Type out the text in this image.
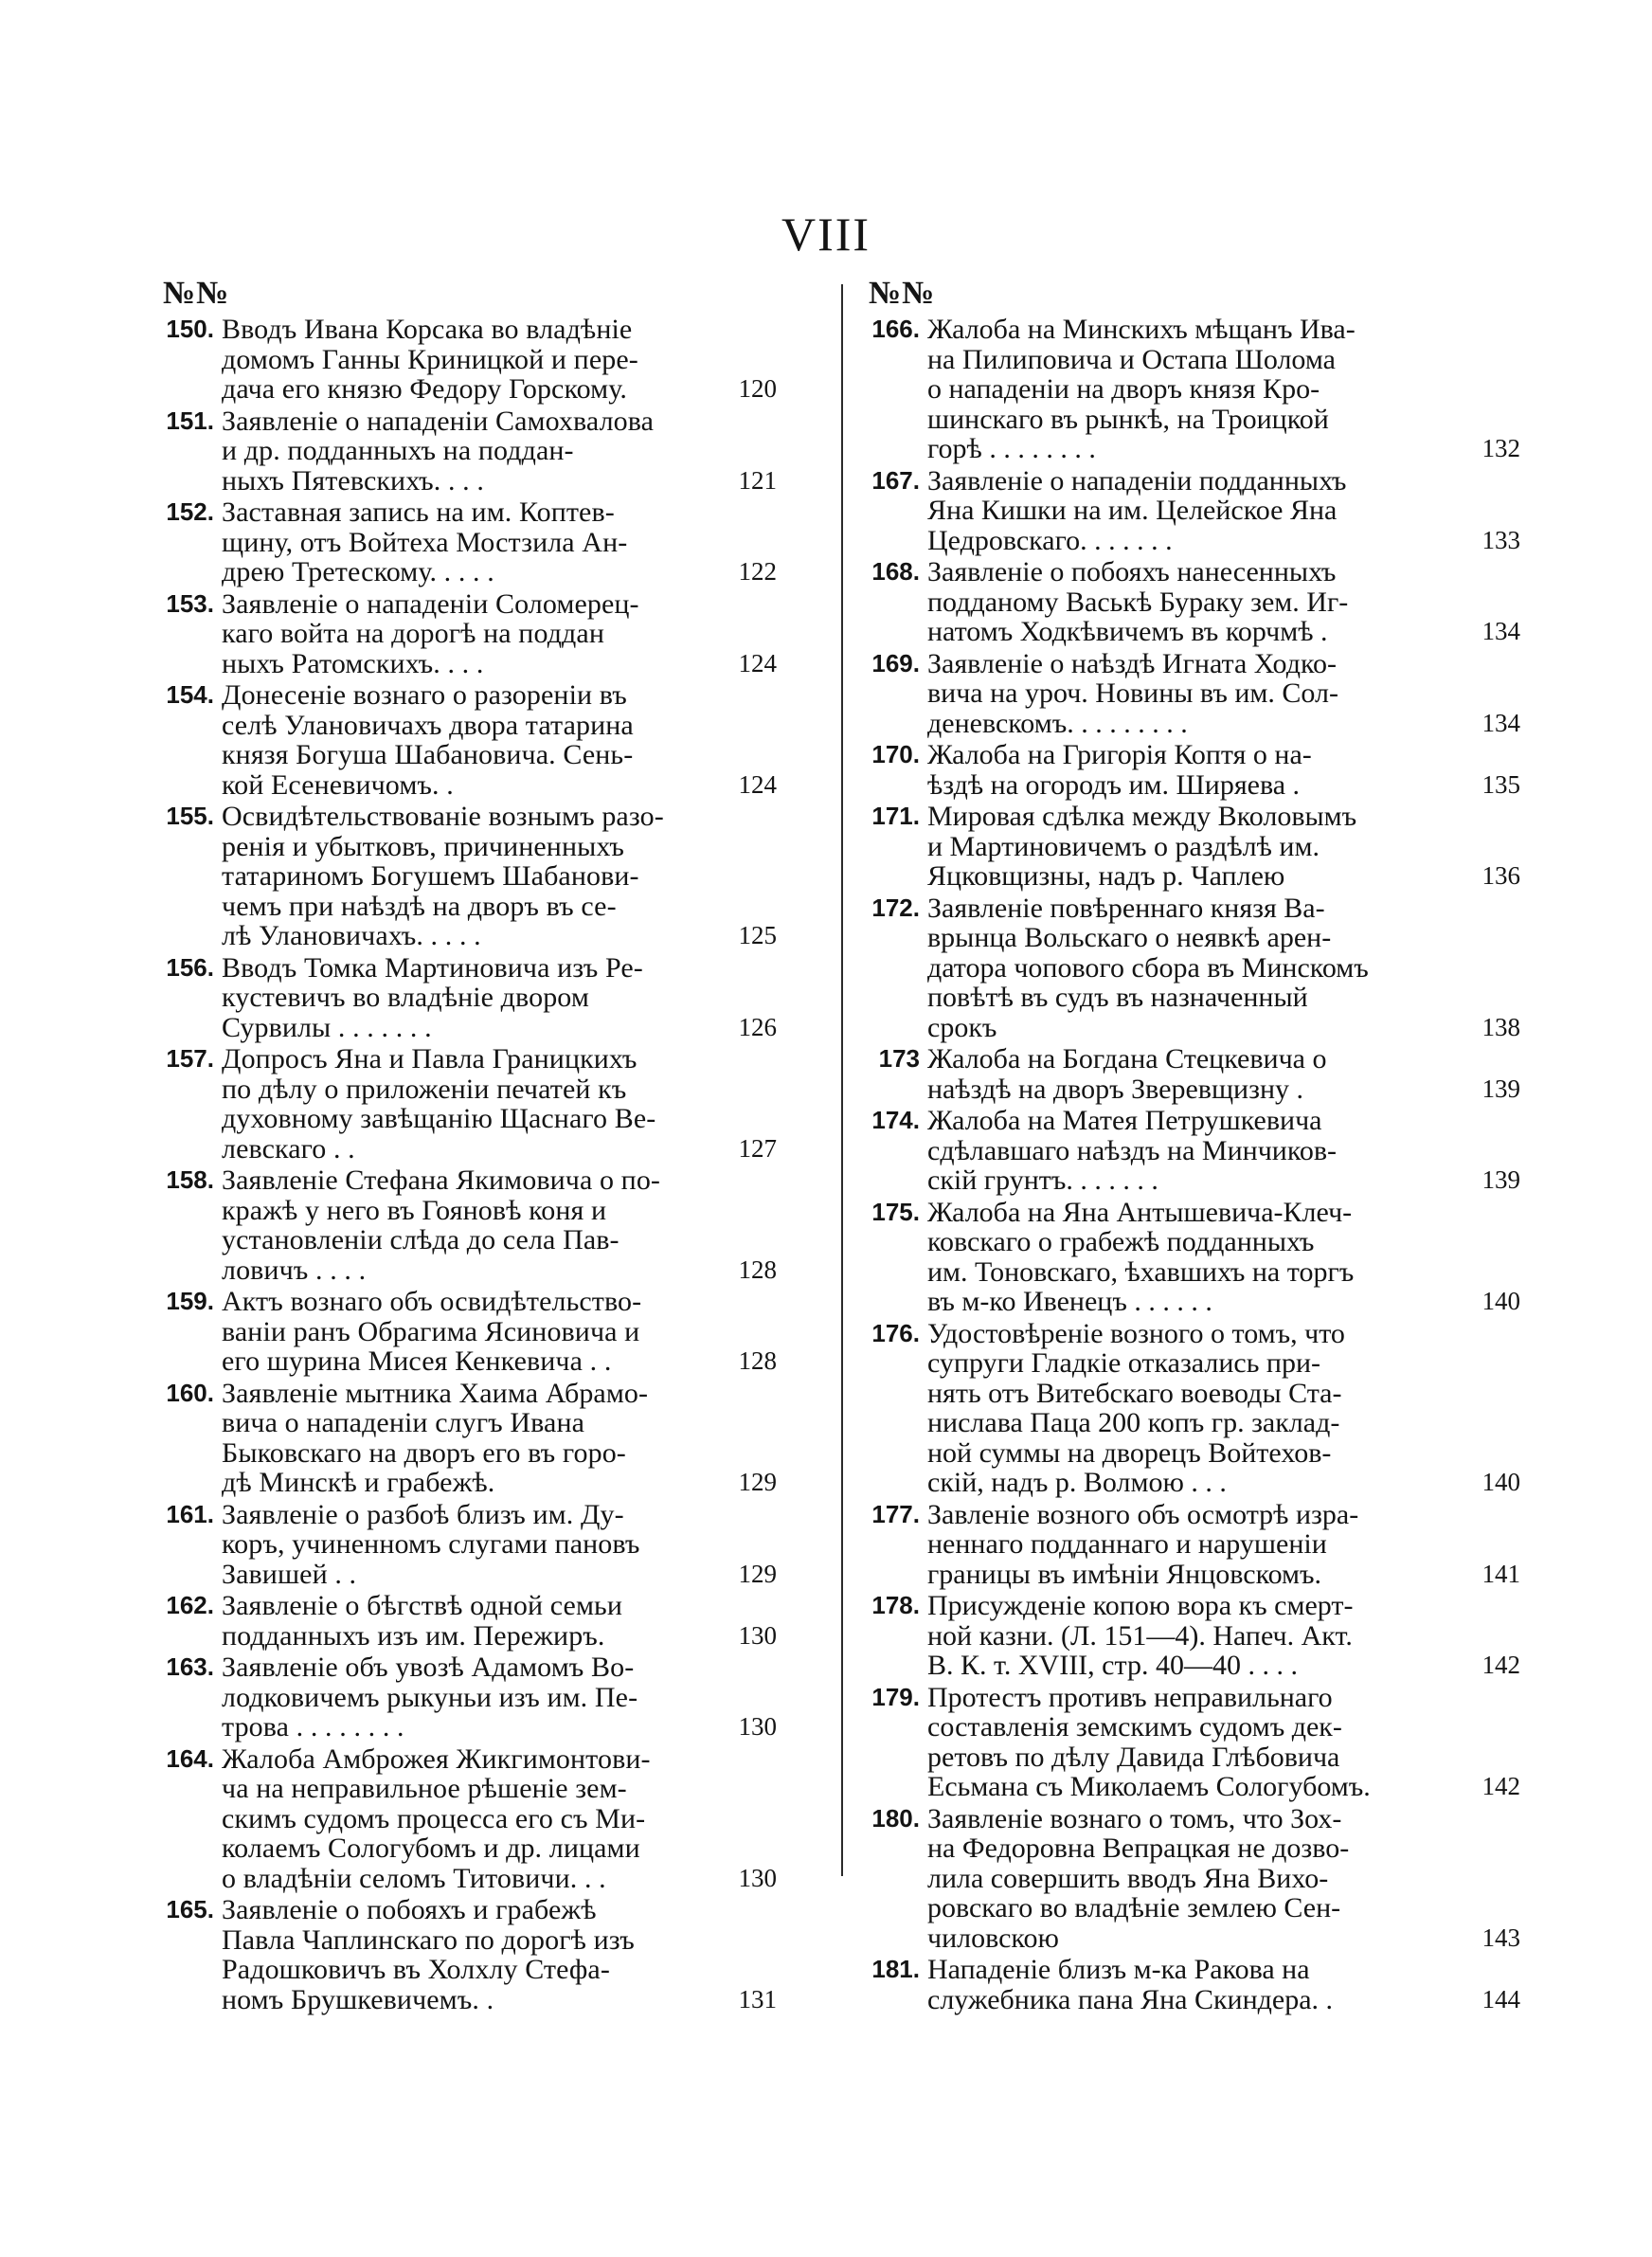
VIII
№№
150. Вводъ Ивана Корсака во владѣніе
домомъ Ганны Криницкой и пере-
дача его князю Федору Горскому.	120
151. Заявленіе о нападеніи Самохвалова
и др. подданныхъ на поддан-
ныхъ Пятевскихъ. . . .	121
152. Заставная запись на им. Коптев-
щину, отъ Войтеха Мостзила Ан-
дрею Третескому. . . . .	122
153. Заявленіе о нападеніи Соломерец-
каго войта на дорогѣ на поддан
ныхъ Ратомскихъ. . . .	124
154. Донесеніе вознаго о разореніи въ
селѣ Улановичахъ двора татарина
князя Богуша Шабановича. Сень-
кой Есеневичомъ. .	124
155. Освидѣтельствованіе вознымъ разо-
ренія и убытковъ, причиненныхъ
татариномъ Богушемъ Шабанови-
чемъ при наѣздѣ на дворъ въ се-
лѣ Улановичахъ. . . . .	125
156. Вводъ Томка Мартиновича изъ Ре-
кустевичъ во владѣніе двором
Сурвилы . . . . . . .	126
157. Допросъ Яна и Павла Границкихъ
по дѣлу о приложеніи печатей къ
духовному завѣщанію Щаснаго Ве-
левскаго . .	127
158. Заявленіе Стефана Якимовича о по-
кражѣ у него въ Гояновѣ коня и
установленіи слѣда до села Пав-
ловичъ . . . .	128
159. Актъ вознаго объ освидѣтельство-
ваніи ранъ Обрагима Ясиновича и
его шурина Мисея Кенкевича . .	128
160. Заявленіе мытника Хаима Абрамо-
вича о нападеніи слугъ Ивана
Быковскаго на дворъ его въ горо-
дѣ Минскѣ и грабежѣ.	129
161. Заявленіе о разбоѣ близъ им. Ду-
коръ, учиненномъ слугами пановъ
Завишей . .	129
162. Заявленіе о бѣгствѣ одной семьи
подданныхъ изъ им. Пережиръ.	130
163. Заявленіе объ увозѣ Адамомъ Во-
лодковичемъ рыкуньи изъ им. Пе-
трова . . . . . . . .	130
164. Жалоба Амброжея Жикгимонтови-
ча на неправильное рѣшеніе зем-
скимъ судомъ процесса его съ Ми-
колаемъ Сологубомъ и др. лицами
о владѣніи селомъ Титовичи. . .	130
165. Заявленіе о побояхъ и грабежѣ
Павла Чаплинскаго по дорогѣ изъ
Радошковичъ въ Холхлу Стефа-
номъ Брушкевичемъ. .	131
№№
166. Жалоба на Минскихъ мѣщанъ Ива-
на Пилиповича и Остапа Шолома
о нападеніи на дворъ князя Кро-
шинскаго въ рынкѣ, на Троицкой
горѣ . . . . . . . .	132
167. Заявленіе о нападеніи подданныхъ
Яна Кишки на им. Целейское Яна
Цедровскаго. . . . . . .	133
168. Заявленіе о побояхъ нанесенныхъ
подданому Васькѣ Бураку зем. Иг-
натомъ Ходкѣвичемъ въ корчмѣ .	134
169. Заявленіе о наѣздѣ Игната Ходко-
вича на уроч. Новины въ им. Сол-
деневскомъ. . . . . . . . .	134
170. Жалоба на Григорія Коптя о на-
ѣздѣ на огородъ им. Ширяева .	135
171. Мировая сдѣлка между Вколовымъ
и Мартиновичемъ о раздѣлѣ им.
Яцковщизны, надъ р. Чаплею	136
172. Заявленіе повѣреннаго князя Ва-
врынца Вольскаго о неявкѣ арен-
датора чопового сбора въ Минскомъ
повѣтѣ въ судъ въ назначенный
срокъ	138
173 Жалоба на Богдана Стецкевича о
наѣздѣ на дворъ Зверевщизну .	139
174. Жалоба на Матея Петрушкевича
сдѣлавшаго наѣздъ на Минчиков-
скій грунтъ. . . . . . .	139
175. Жалоба на Яна Антышевича-Клеч-
ковскаго о грабежѣ подданныхъ
им. Тоновскаго, ѣхавшихъ на торгъ
въ м-ко Ивенецъ . . . . . .	140
176. Удостовѣреніе возного о томъ, что
супруги Гладкіе отказались при-
нять отъ Витебскаго воеводы Ста-
нислава Паца 200 копъ гр. заклад-
ной суммы на дворецъ Войтехов-
скій, надъ р. Волмою . . .	140
177. Завленіе возного объ осмотрѣ изра-
неннаго подданнаго и нарушеніи
границы въ имѣніи Янцовскомъ.	141
178. Присужденіе копою вора къ смерт-
ной казни. (Л. 151—4). Напеч. Акт.
В. К. т. XVIII, стр. 40—40 . . . .	142
179. Протестъ противъ неправильнаго
составленія земскимъ судомъ дек-
ретовъ по дѣлу Давида Глѣбовича
Есьмана съ Миколаемъ Сологубомъ.	142
180. Заявленіе вознаго о томъ, что Зох-
на Федоровна Вепрацкая не дозво-
лила совершить вводъ Яна Вихо-
ровскаго во владѣніе землею Сен-
чиловскою	143
181. Нападеніе близъ м-ка Ракова на
служебника пана Яна Скиндера. .	144
